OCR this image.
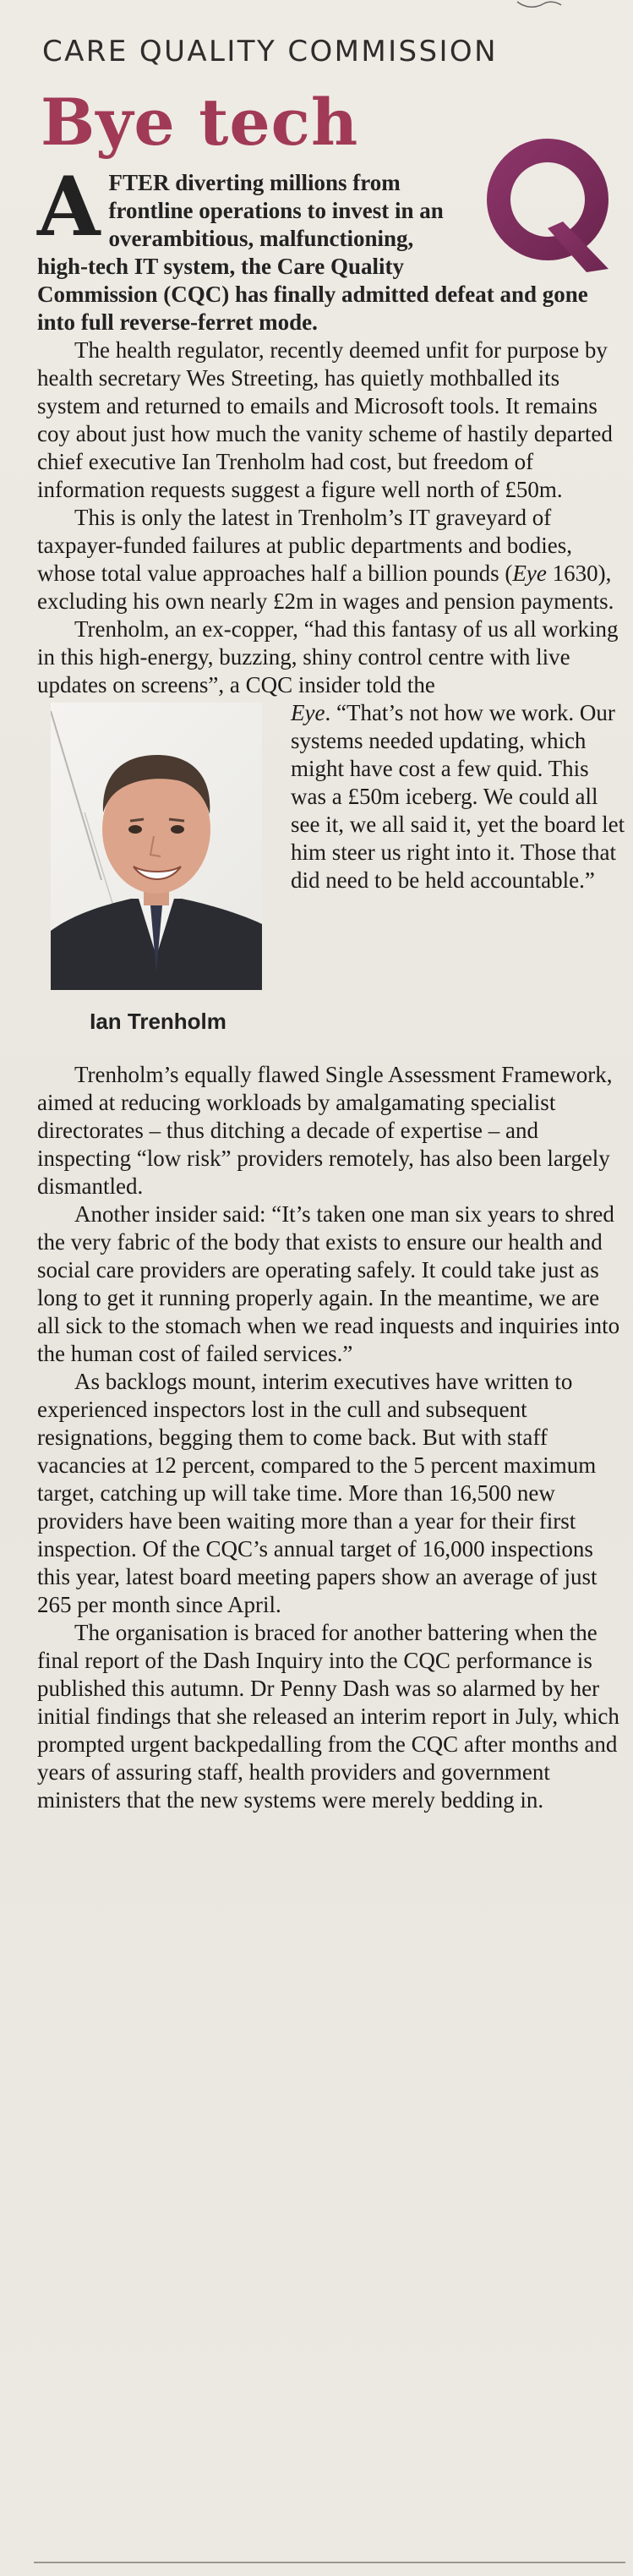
CARE QUALITY COMMISSION
Bye tech
A FTER diverting millions from frontline operations to invest in an overambitious, malfunctioning, high-tech IT system, the Care Quality Commission (CQC) has finally admitted defeat and gone into full reverse-ferret mode.

The health regulator, recently deemed unfit for purpose by health secretary Wes Streeting, has quietly mothballed its system and returned to emails and Microsoft tools. It remains coy about just how much the vanity scheme of hastily departed chief executive Ian Trenholm had cost, but freedom of information requests suggest a figure well north of £50m.

This is only the latest in Trenholm’s IT graveyard of taxpayer-funded failures at public departments and bodies, whose total value approaches half a billion pounds (Eye 1630), excluding his own nearly £2m in wages and pension payments.

Trenholm, an ex-copper, “had this fantasy of us all working in this high-energy, buzzing, shiny control centre with live updates on screens”, a CQC insider told the

Ian Trenholm

Eye. “That’s not how we work. Our systems needed updating, which might have cost a few quid. This was a £50m iceberg. We could all see it, we all said it, yet the board let him steer us right into it. Those that did need to be held accountable.”

Trenholm’s equally flawed Single Assessment Framework, aimed at reducing workloads by amalgamating specialist directorates – thus ditching a decade of expertise – and inspecting “low risk” providers remotely, has also been largely dismantled.

Another insider said: “It’s taken one man six years to shred the very fabric of the body that exists to ensure our health and social care providers are operating safely. It could take just as long to get it running properly again. In the meantime, we are all sick to the stomach when we read inquests and inquiries into the human cost of failed services.”

As backlogs mount, interim executives have written to experienced inspectors lost in the cull and subsequent resignations, begging them to come back. But with staff vacancies at 12 percent, compared to the 5 percent maximum target, catching up will take time. More than 16,500 new providers have been waiting more than a year for their first inspection. Of the CQC’s annual target of 16,000 inspections this year, latest board meeting papers show an average of just 265 per month since April.

The organisation is braced for another battering when the final report of the Dash Inquiry into the CQC performance is published this autumn. Dr Penny Dash was so alarmed by her initial findings that she released an interim report in July, which prompted urgent backpedalling from the CQC after months and years of assuring staff, health providers and government ministers that the new systems were merely bedding in.
